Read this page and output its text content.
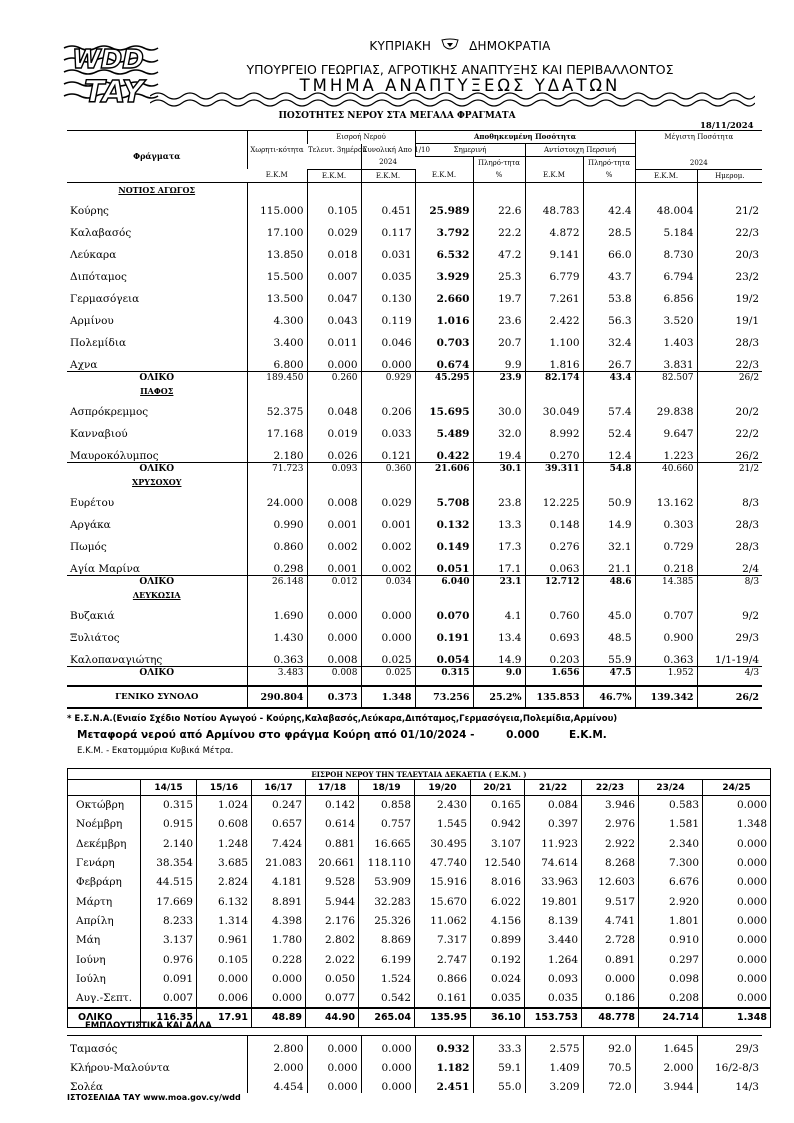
WDD
TAY
ΚΥΠΡΙΑΚΗ	ΔΗΜΟΚΡΑΤΙΑ
ΥΠΟΥΡΓΕΙΟ ΓΕΩΡΓΙΑΣ, ΑΓΡΟΤΙΚΗΣ ΑΝΑΠΤΥΞΗΣ ΚΑΙ ΠΕΡΙΒΑΛΛΟΝΤΟΣ
ΤΜΗΜΑ ΑΝΑΠΤΥΞΕΩΣ ΥΔΑΤΩΝ
ΠΟΣΟΤΗΤΕΣ ΝΕΡΟΥ ΣΤΑ ΜΕΓΑΛΑ ΦΡΑΓΜΑΤΑ
18/11/2024
Φράγματα	Χωρητι-κότητα	Εισροή Νερού		Αποθηκευμένη Ποσότητα				Μέγιστη Ποσότητα	
		Τελευτ. 3ημέρου	Συνολική Απο 1/10
2024	Σημερινή		Αντίστοιχη Περσινή		2024	
					Πληρό-τητα		Πληρό-τητα		
	Ε.Κ.Μ	Ε.Κ.Μ.	Ε.Κ.Μ.	Ε.Κ.Μ.	%	Ε.Κ.Μ	%	Ε.Κ.Μ.	Ημερομ.
ΝΟΤΙΟΣ ΑΓΩΓΟΣ									
Κούρης	115.000	0.105	0.451	25.989	22.6	48.783	42.4	48.004	21/2
Καλαβασός	17.100	0.029	0.117	3.792	22.2	4.872	28.5	5.184	22/3
Λεύκαρα	13.850	0.018	0.031	6.532	47.2	9.141	66.0	8.730	20/3
Διπόταμος	15.500	0.007	0.035	3.929	25.3	6.779	43.7	6.794	23/2
Γερμασόγεια	13.500	0.047	0.130	2.660	19.7	7.261	53.8	6.856	19/2
Αρμίνου	4.300	0.043	0.119	1.016	23.6	2.422	56.3	3.520	19/1
Πολεμίδια	3.400	0.011	0.046	0.703	20.7	1.100	32.4	1.403	28/3
Αχνα	6.800	0.000	0.000	0.674	9.9	1.816	26.7	3.831	22/3
ΟΛΙΚΟ	189.450	0.260	0.929	45.295	23.9	82.174	43.4	82.507	26/2
ΠΑΦΟΣ									
Ασπρόκρεμμος	52.375	0.048	0.206	15.695	30.0	30.049	57.4	29.838	20/2
Κανναβιού	17.168	0.019	0.033	5.489	32.0	8.992	52.4	9.647	22/2
Μαυροκόλυμπος	2.180	0.026	0.121	0.422	19.4	0.270	12.4	1.223	26/2
ΟΛΙΚΟ	71.723	0.093	0.360	21.606	30.1	39.311	54.8	40.660	21/2
ΧΡΥΣΟΧΟΥ									
Ευρέτου	24.000	0.008	0.029	5.708	23.8	12.225	50.9	13.162	8/3
Αργάκα	0.990	0.001	0.001	0.132	13.3	0.148	14.9	0.303	28/3
Πωμός	0.860	0.002	0.002	0.149	17.3	0.276	32.1	0.729	28/3
Αγία Μαρίνα	0.298	0.001	0.002	0.051	17.1	0.063	21.1	0.218	2/4
ΟΛΙΚΟ	26.148	0.012	0.034	6.040	23.1	12.712	48.6	14.385	8/3
ΛΕΥΚΩΣΙΑ									
Βυζακιά	1.690	0.000	0.000	0.070	4.1	0.760	45.0	0.707	9/2
Ξυλιάτος	1.430	0.000	0.000	0.191	13.4	0.693	48.5	0.900	29/3
Καλοπαναγιώτης	0.363	0.008	0.025	0.054	14.9	0.203	55.9	0.363	1/1-19/4
ΟΛΙΚΟ	3.483	0.008	0.025	0.315	9.0	1.656	47.5	1.952	4/3

ΓΕΝΙΚΟ ΣΥΝΟΛΟ	290.804	0.373	1.348	73.256	25.2%	135.853	46.7%	139.342	26/2
* Ε.Σ.Ν.Α.(Ενιαίο Σχέδιο Νοτίου Αγωγού - Κούρης,Καλαβασός,Λεύκαρα,Διπόταμος,Γερμασόγεια,Πολεμίδια,Αρμίνου)
Μεταφορά νερού από Αρμίνου στο φράγμα Κούρη από 01/10/2024 -	0.000	Ε.Κ.Μ.
Ε.Κ.Μ. - Εκατομμύρια Κυβικά Μέτρα.
ΕΙΣΡΟΗ ΝΕΡΟΥ ΤΗΝ ΤΕΛΕΥΤΑΙΑ ΔΕΚΑΕΤΙΑ ( Ε.Κ.Μ. )											
	14/15	15/16	16/17	17/18	18/19	19/20	20/21	21/22	22/23	23/24	24/25
Οκτώβρη	0.315	1.024	0.247	0.142	0.858	2.430	0.165	0.084	3.946	0.583	0.000
Νοέμβρη	0.915	0.608	0.657	0.614	0.757	1.545	0.942	0.397	2.976	1.581	1.348
Δεκέμβρη	2.140	1.248	7.424	0.881	16.665	30.495	3.107	11.923	2.922	2.340	0.000
Γενάρη	38.354	3.685	21.083	20.661	118.110	47.740	12.540	74.614	8.268	7.300	0.000
Φεβράρη	44.515	2.824	4.181	9.528	53.909	15.916	8.016	33.963	12.603	6.676	0.000
Μάρτη	17.669	6.132	8.891	5.944	32.283	15.670	6.022	19.801	9.517	2.920	0.000
Απρίλη	8.233	1.314	4.398	2.176	25.326	11.062	4.156	8.139	4.741	1.801	0.000
Μάη	3.137	0.961	1.780	2.802	8.869	7.317	0.899	3.440	2.728	0.910	0.000
Ιούνη	0.976	0.105	0.228	2.022	6.199	2.747	0.192	1.264	0.891	0.297	0.000
Ιούλη	0.091	0.000	0.000	0.050	1.524	0.866	0.024	0.093	0.000	0.098	0.000
Αυγ.-Σεπτ.	0.007	0.006	0.000	0.077	0.542	0.161	0.035	0.035	0.186	0.208	0.000
ΟΛΙΚΟ	116.35	17.91	48.89	44.90	265.04	135.95	36.10	153.753	48.778	24.714	1.348
ΕΜΠΛΟΥΤΙΣΤΙΚΑ ΚΑΙ ΑΛΛΑ
Ταμασός	2.800	0.000	0.000	0.932	33.3	2.575	92.0	1.645	29/3
Κλήρου-Μαλούντα	2.000	0.000	0.000	1.182	59.1	1.409	70.5	2.000	16/2-8/3
Σολέα	4.454	0.000	0.000	2.451	55.0	3.209	72.0	3.944	14/3
ΙΣΤΟΣΕΛΙΔΑ ΤΑΥ www.moa.gov.cy/wdd
